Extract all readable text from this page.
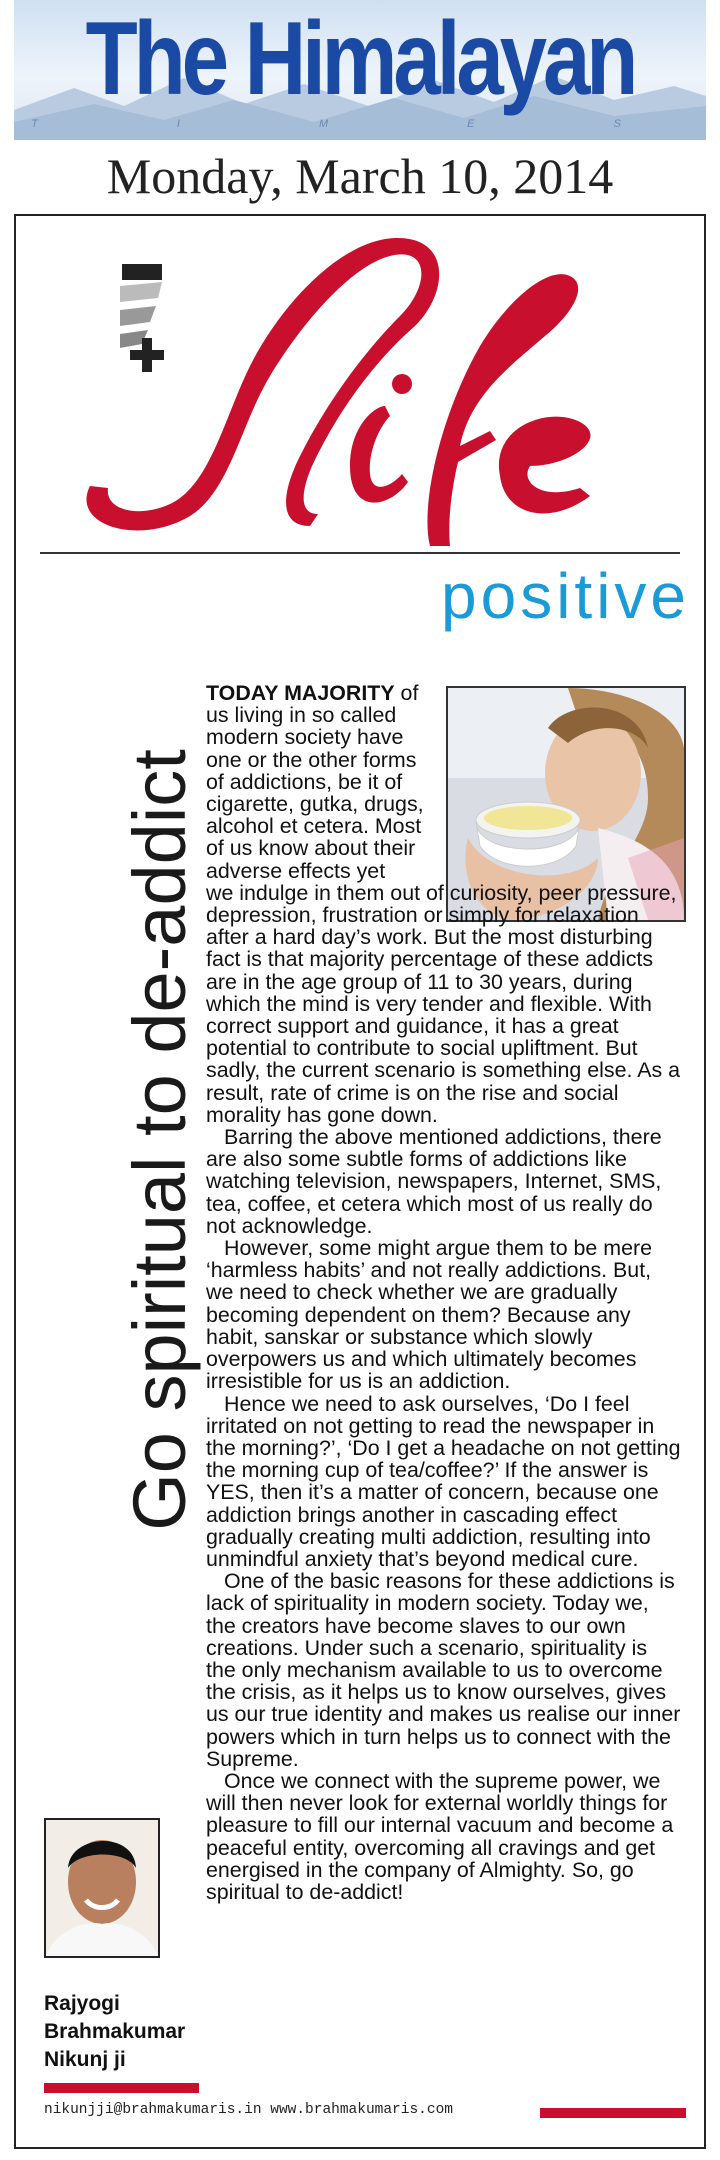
The Himalayan
T I M E S
Monday, March 10, 2014
positive
Go spiritual to de-addict

TODAY MAJORITY of us living in so called modern society have one or the other forms of addictions, be it of cigarette, gutka, drugs, alcohol et cetera. Most of us know about their adverse effects yet

we indulge in them out of curiosity, peer pressure, depression, frustration or simply for relaxation after a hard day’s work. But the most disturbing fact is that majority percentage of these addicts are in the age group of 11 to 30 years, during which the mind is very tender and flexible. With correct support and guidance, it has a great potential to contribute to social upliftment. But sadly, the current scenario is something else. As a result, rate of crime is on the rise and social morality has gone down.

Barring the above mentioned addictions, there are also some subtle forms of addictions like watching television, newspapers, Internet, SMS, tea, coffee, et cetera which most of us really do not acknowledge.

However, some might argue them to be mere ‘harmless habits’ and not really addictions. But, we need to check whether we are gradually becoming dependent on them? Because any habit, sanskar or substance which slowly overpowers us and which ultimately becomes irresistible for us is an addiction.

Hence we need to ask ourselves, ‘Do I feel irritated on not getting to read the newspaper in the morning?’, ‘Do I get a headache on not getting the morning cup of tea/coffee?’ If the answer is YES, then it’s a matter of concern, because one addiction brings another in cascading effect gradually creating multi addiction, resulting into unmindful anxiety that’s beyond medical cure.

One of the basic reasons for these addictions is lack of spirituality in modern society. Today we, the creators have become slaves to our own creations. Under such a scenario, spirituality is the only mechanism available to us to overcome the crisis, as it helps us to know ourselves, gives us our true identity and makes us realise our inner powers which in turn helps us to connect with the Supreme.

Once we connect with the supreme power, we will then never look for external worldly things for pleasure to fill our internal vacuum and become a peaceful entity, overcoming all cravings and get energised in the company of Almighty. So, go spiritual to de-addict!

Rajyogi
Brahmakumar
Nikunj ji
nikunjji@brahmakumaris.in www.brahmakumaris.com
